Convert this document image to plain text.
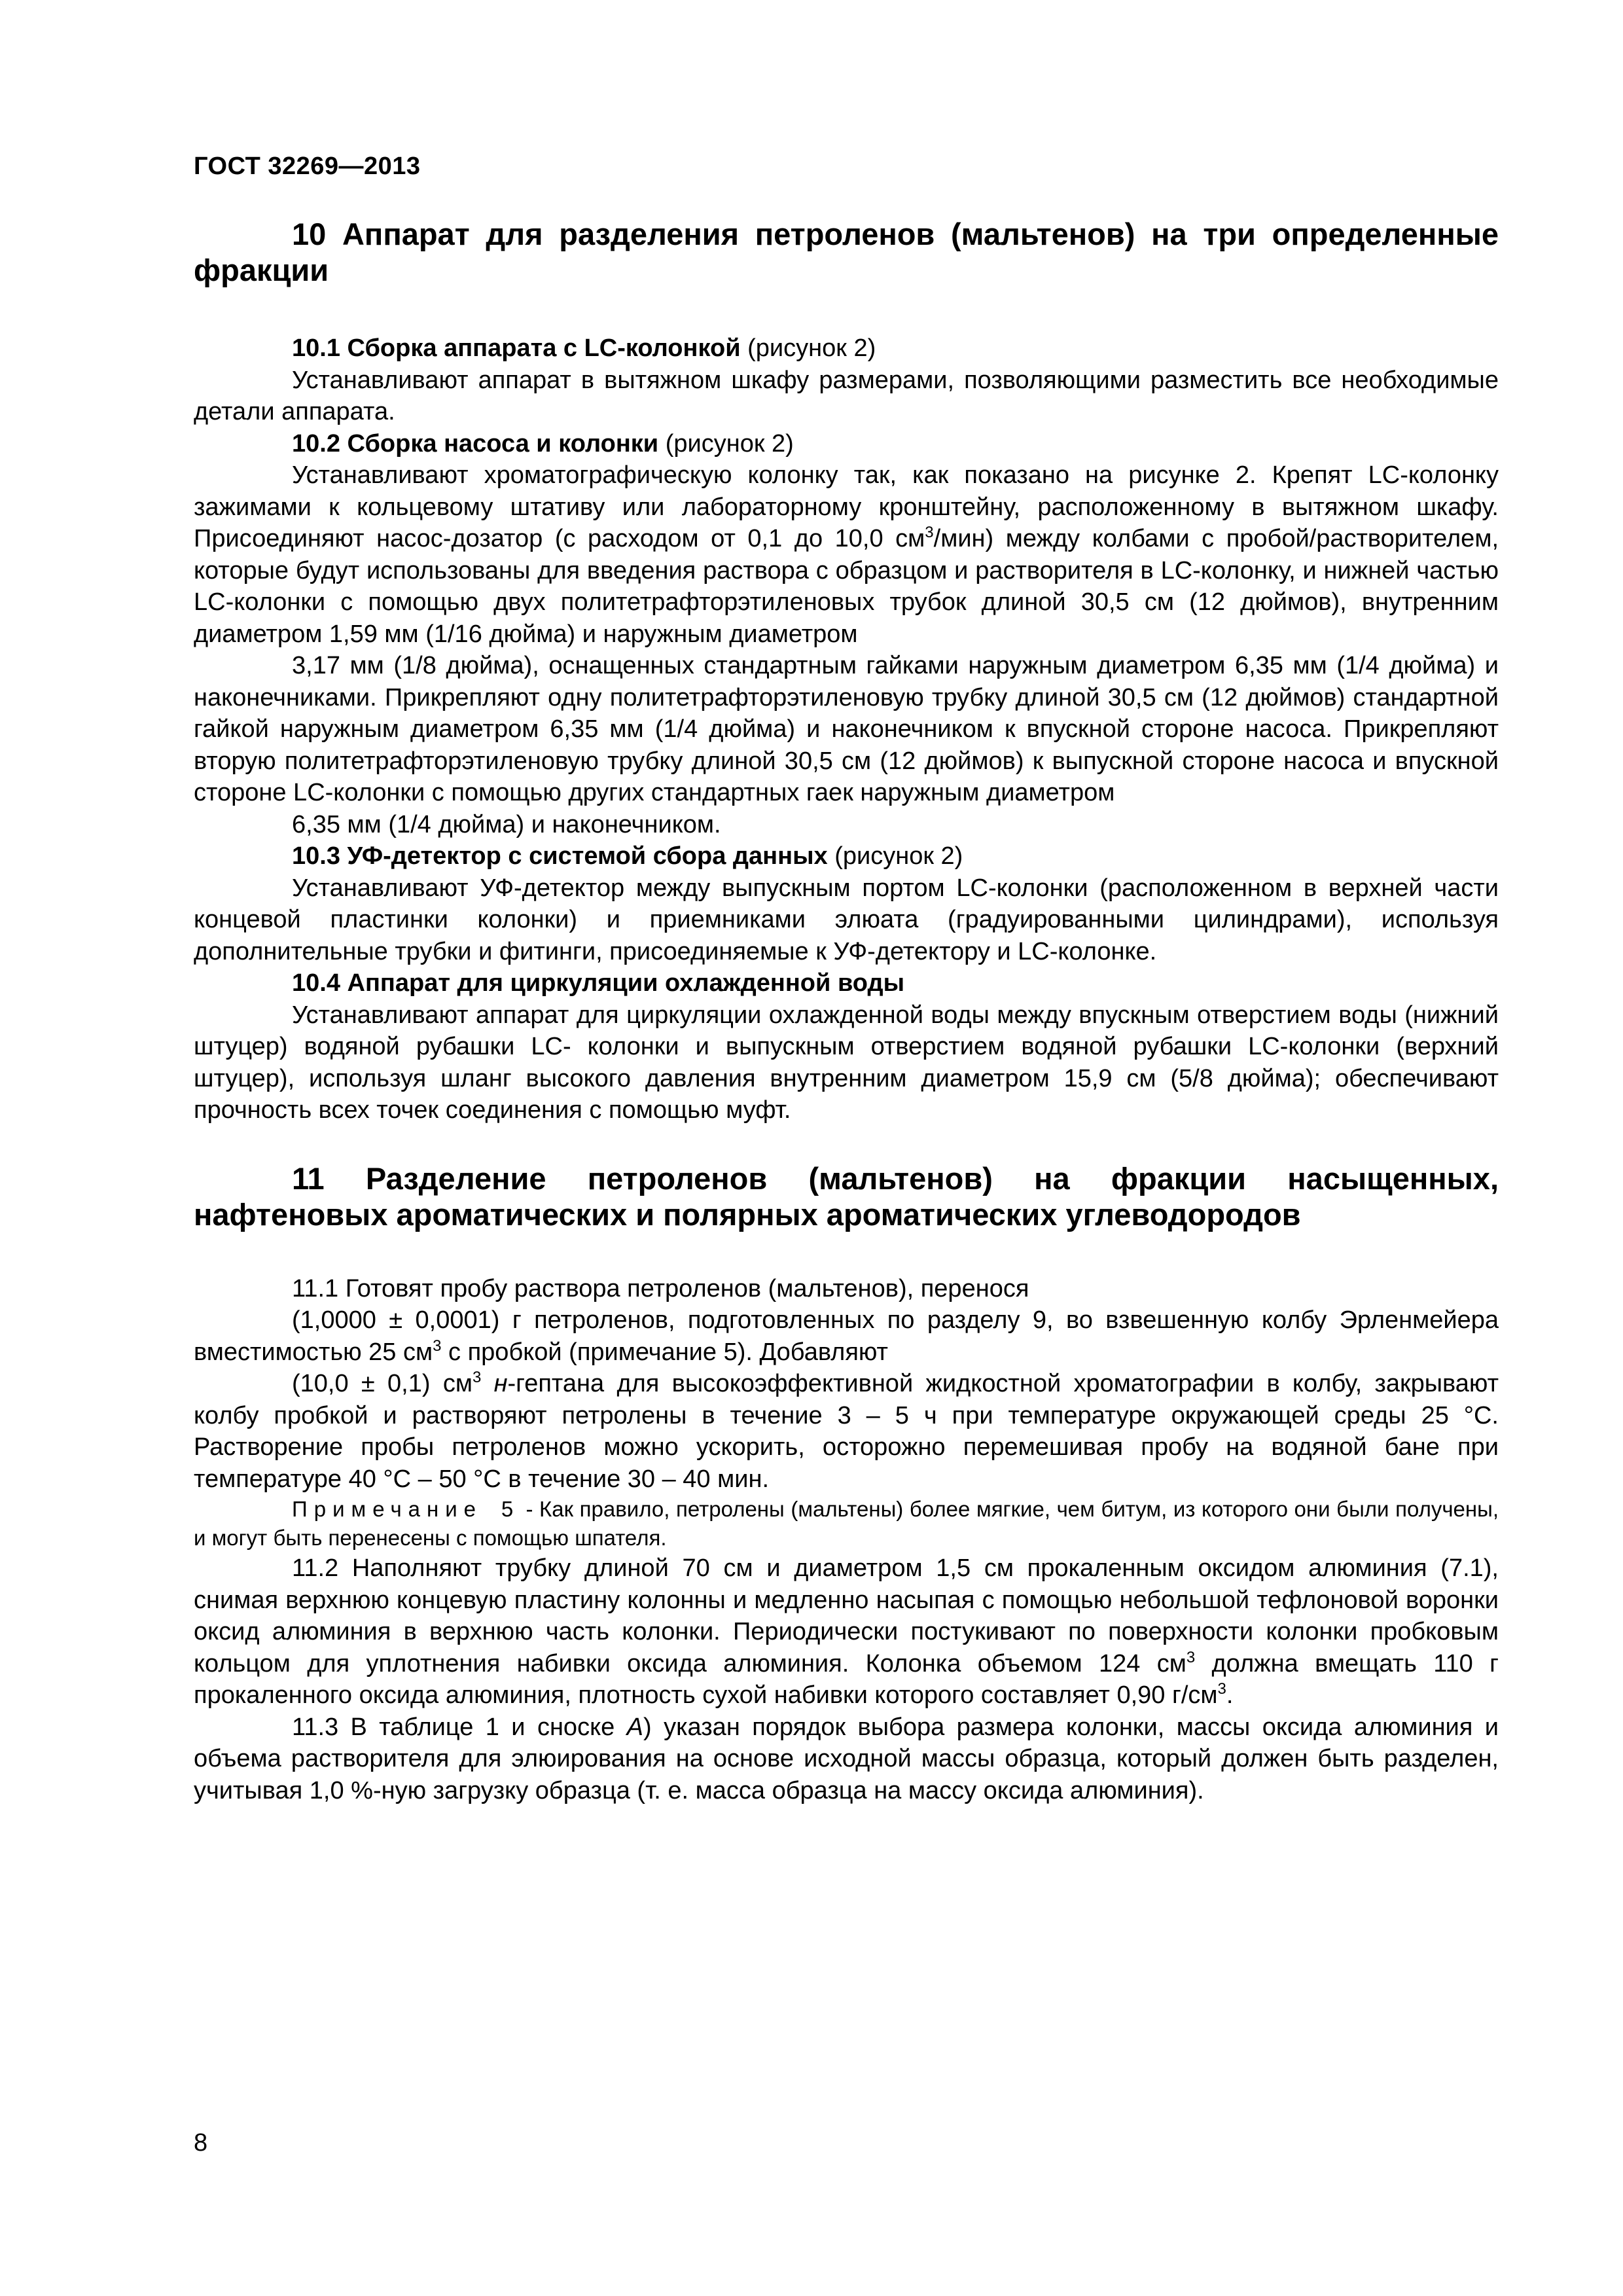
ГОСТ 32269—2013
10 Аппарат для разделения петроленов (мальтенов) на три определенные фракции

10.1 Сборка аппарата с LC-колонкой (рисунок 2)

Устанавливают аппарат в вытяжном шкафу размерами, позволяющими разместить все необходимые детали аппарата.

10.2 Сборка насоса и колонки (рисунок 2)

Устанавливают хроматографическую колонку так, как показано на рисунке 2. Крепят LC-колонку зажимами к кольцевому штативу или лабораторному кронштейну, расположенному в вытяжном шкафу. Присоединяют насос-дозатор (с расходом от 0,1 до 10,0 $см^3/мин$) между колбами с пробой/растворителем, которые будут использованы для введения раствора с образцом и растворителя в LC-колонку, и нижней частью LC-колонки с помощью двух политетрафторэтиленовых трубок длиной 30,5 см (12 дюймов), внутренним диаметром 1,59 мм (1/16 дюйма) и наружным диаметром

3,17 мм (1/8 дюйма), оснащенных стандартным гайками наружным диаметром 6,35 мм (1/4 дюйма) и наконечниками. Прикрепляют одну политетрафторэтиленовую трубку длиной 30,5 см (12 дюймов) стандартной гайкой наружным диаметром 6,35 мм (1/4 дюйма) и наконечником к впускной стороне насоса. Прикрепляют вторую политетрафторэтиленовую трубку длиной 30,5 см (12 дюймов) к выпускной стороне насоса и впускной стороне LC-колонки с помощью других стандартных гаек наружным диаметром

6,35 мм (1/4 дюйма) и наконечником.

10.3 УФ-детектор с системой сбора данных (рисунок 2)

Устанавливают УФ-детектор между выпускным портом LC-колонки (расположенном в верхней части концевой пластинки колонки) и приемниками элюата (градуированными цилиндрами), используя дополнительные трубки и фитинги, присоединяемые к УФ-детектору и LC-колонке.

10.4 Аппарат для циркуляции охлажденной воды

Устанавливают аппарат для циркуляции охлажденной воды между впускным отверстием воды (нижний штуцер) водяной рубашки LC- колонки и выпускным отверстием водяной рубашки LC-колонки (верхний штуцер), используя шланг высокого давления внутренним диаметром 15,9 см (5/8 дюйма); обеспечивают прочность всех точек соединения с помощью муфт.

11 Разделение петроленов (мальтенов) на фракции насыщенных, нафтеновых ароматических и полярных ароматических углеводородов

11.1 Готовят пробу раствора петроленов (мальтенов), перенося

(1,0000 ± 0,0001) г петроленов, подготовленных по разделу 9, во взвешенную колбу Эрленмейера вместимостью 25 $см^3$ с пробкой (примечание 5). Добавляют

(10,0 ± 0,1) $см^3$ н-гептана для высокоэффективной жидкостной хроматографии в колбу, закрывают колбу пробкой и растворяют петролены в течение 3 – 5 ч при температуре окружающей среды 25 °С. Растворение пробы петроленов можно ускорить, осторожно перемешивая пробу на водяной бане при температуре 40 °С – 50 °С в течение 30 – 40 мин.

Примечание 5 - Как правило, петролены (мальтены) более мягкие, чем битум, из которого они были получены, и могут быть перенесены с помощью шпателя.

11.2 Наполняют трубку длиной 70 см и диаметром 1,5 см прокаленным оксидом алюминия (7.1), снимая верхнюю концевую пластину колонны и медленно насыпая с помощью небольшой тефлоновой воронки оксид алюминия в верхнюю часть колонки. Периодически постукивают по поверхности колонки пробковым кольцом для уплотнения набивки оксида алюминия. Колонка объемом 124 $см^3$ должна вмещать 110 г прокаленного оксида алюминия, плотность сухой набивки которого составляет 0,90 $г/см^3$.

11.3 В таблице 1 и сноске А) указан порядок выбора размера колонки, массы оксида алюминия и объема растворителя для элюирования на основе исходной массы образца, который должен быть разделен, учитывая 1,0 %-ную загрузку образца (т. е. масса образца на массу оксида алюминия).

8
